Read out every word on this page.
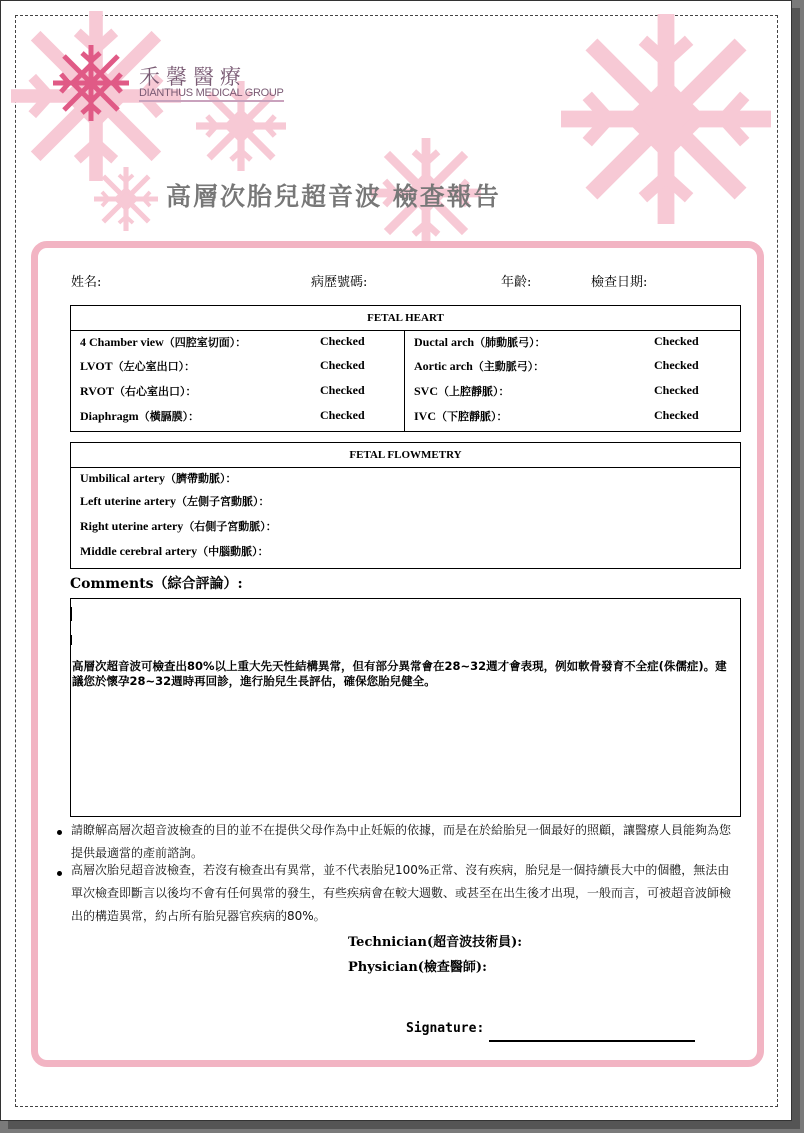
禾馨醫療
DIANTHUS MEDICAL GROUP
高層次胎兒超音波 檢查報告
姓名:	病歷號碼:	年齡:	檢查日期:
FETAL HEART
4 Chamber view（四腔室切面）：	Checked
LVOT（左心室出口）：	Checked
RVOT（右心室出口）：	Checked
Diaphragm（橫膈膜）：	Checked
Ductal arch（肺動脈弓）：	Checked
Aortic arch（主動脈弓）：	Checked
SVC（上腔靜脈）：	Checked
IVC（下腔靜脈）：	Checked
FETAL FLOWMETRY
Umbilical artery（臍帶動脈）：
Left uterine artery（左側子宮動脈）：
Right uterine artery（右側子宮動脈）：
Middle cerebral artery（中腦動脈）：
Comments（綜合評論）:
高層次超音波可檢查出80%以上重大先天性結構異常，但有部分異常會在28~32週才會表現，例如軟骨發育不全症(侏儒症)。建議您於懷孕28~32週時再回診，進行胎兒生長評估，確保您胎兒健全。
請瞭解高層次超音波檢查的目的並不在提供父母作為中止妊娠的依據，而是在於給胎兒一個最好的照顧，讓醫療人員能夠為您提供最適當的產前諮詢。
高層次胎兒超音波檢查，若沒有檢查出有異常，並不代表胎兒100%正常、沒有疾病，胎兒是一個持續長大中的個體，無法由單次檢查即斷言以後均不會有任何異常的發生，有些疾病會在較大週數、或甚至在出生後才出現，一般而言，可被超音波師檢出的構造異常，約占所有胎兒器官疾病的80%。
Technician(超音波技術員):
Physician(檢查醫師):
Signature:
